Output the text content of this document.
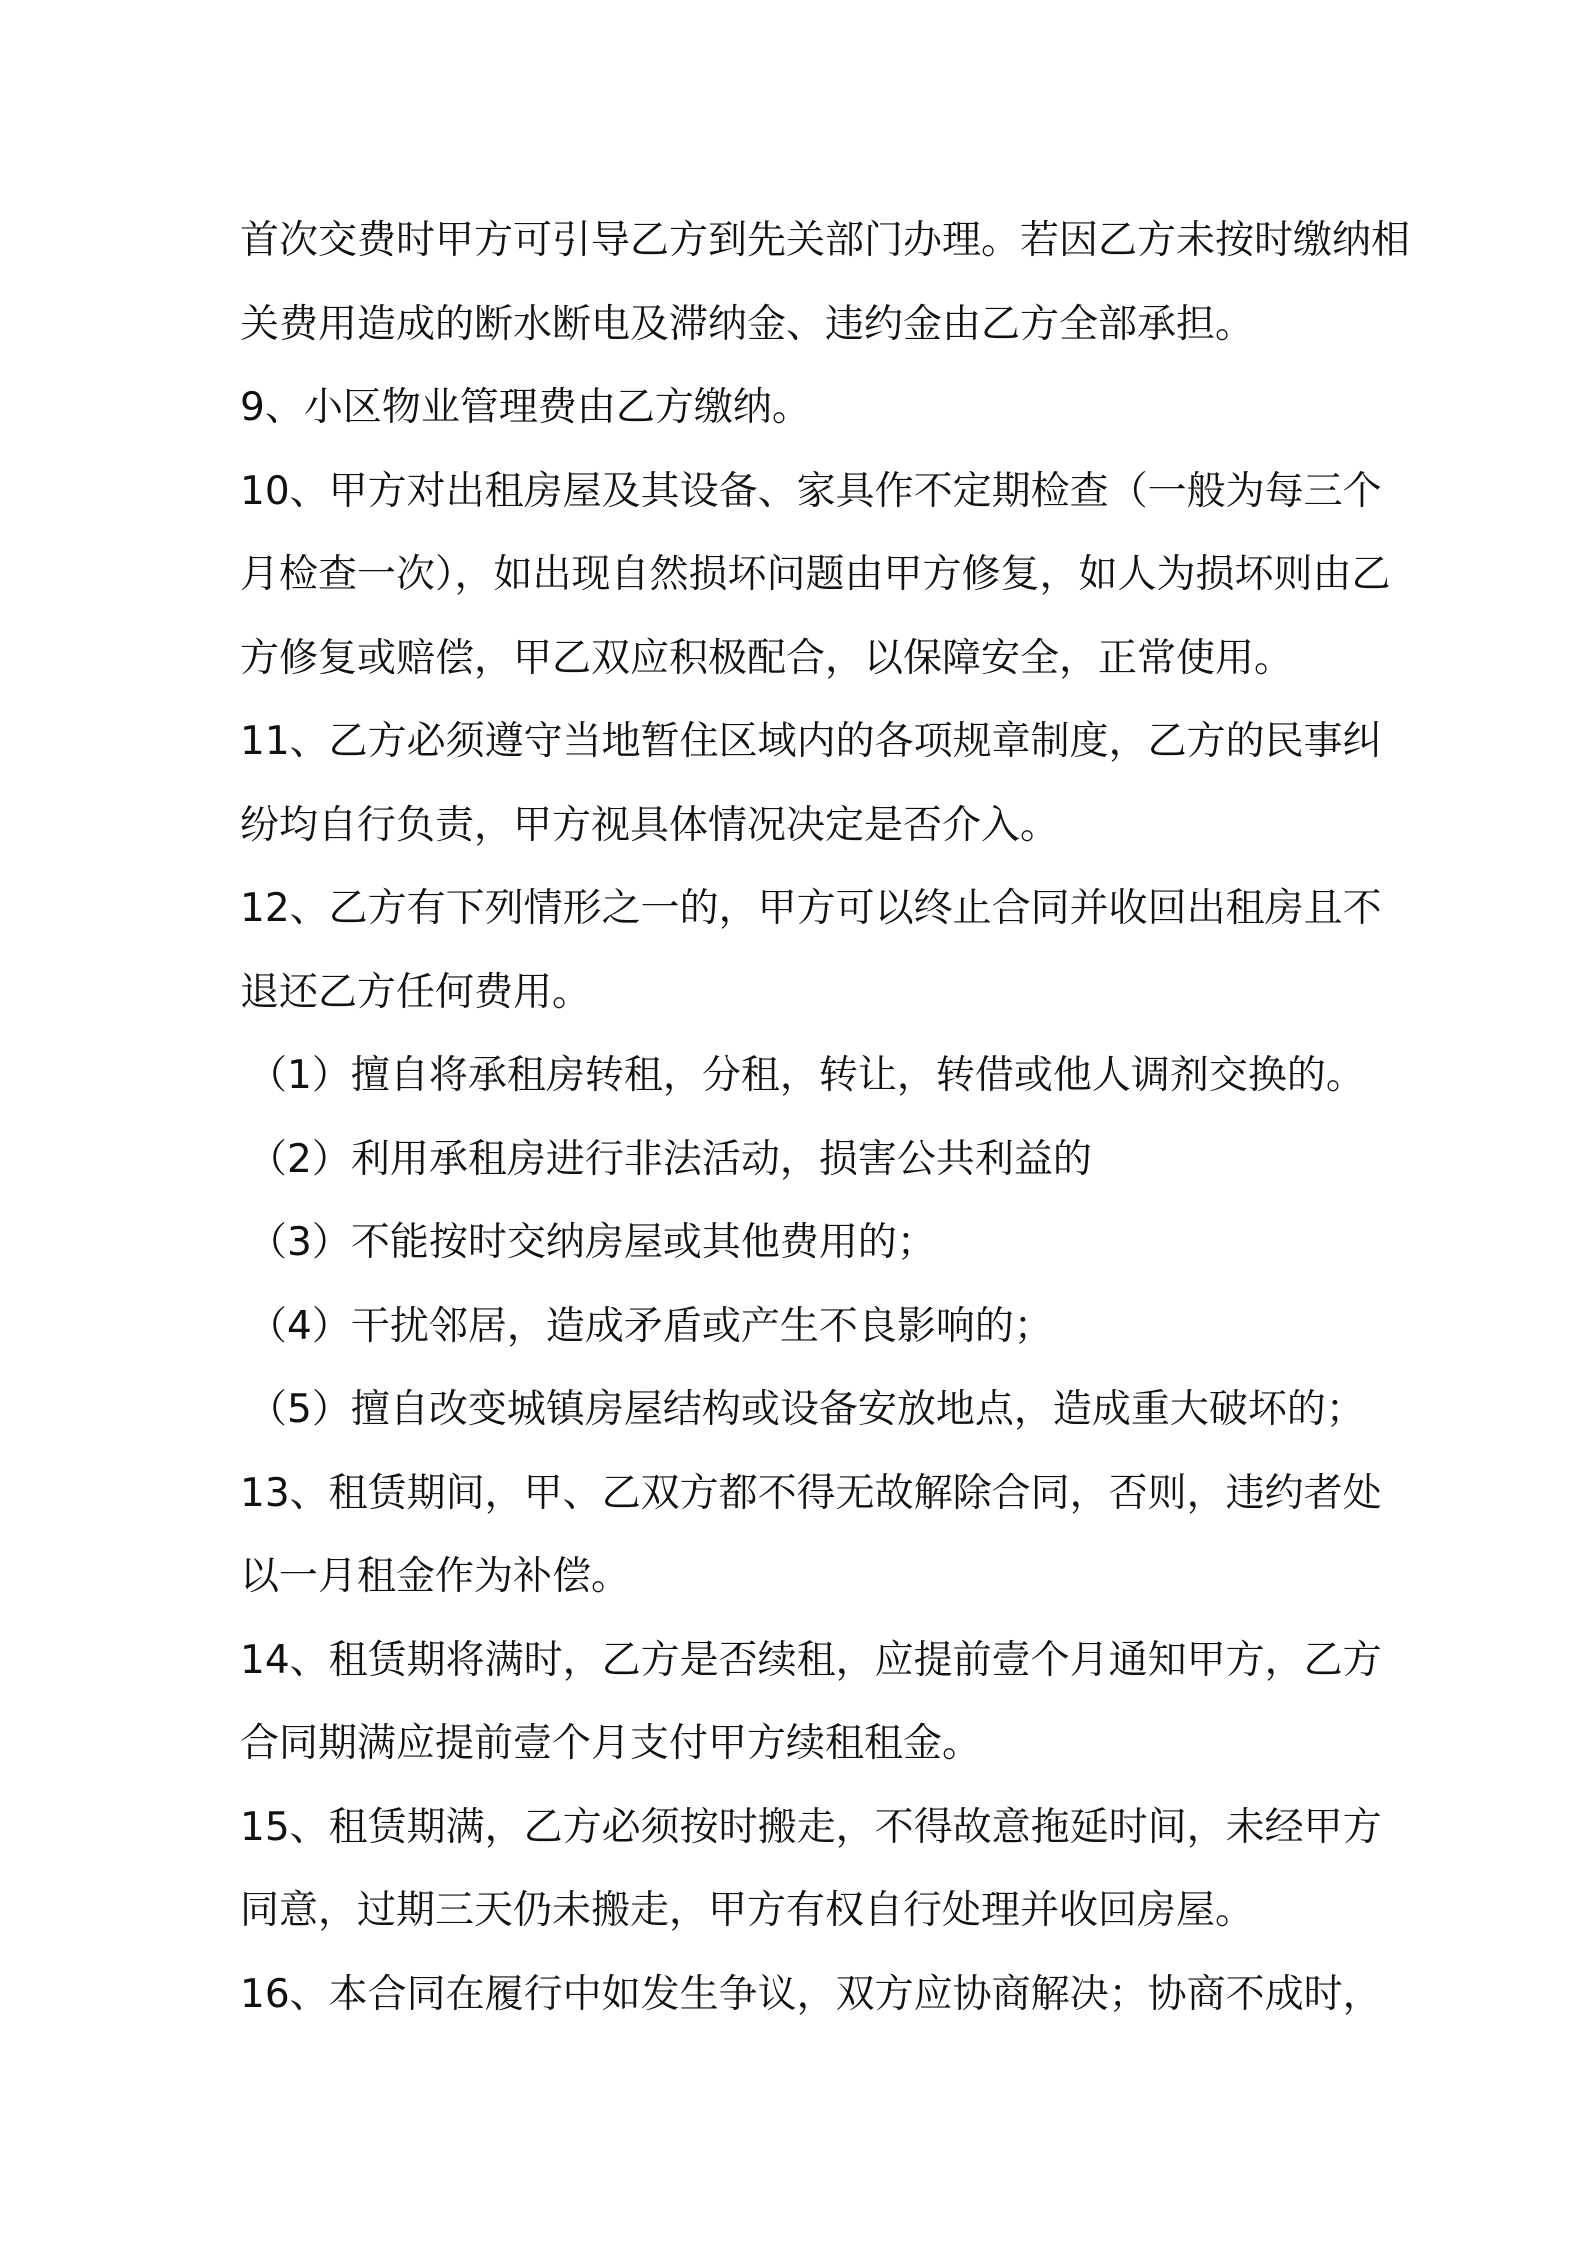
首次交费时甲方可引导乙方到先关部门办理。若因乙方未按时缴纳相
关费用造成的断水断电及滞纳金、违约金由乙方全部承担。
9、小区物业管理费由乙方缴纳。
10、甲方对出租房屋及其设备、家具作不定期检查（一般为每三个
月检查一次），如出现自然损坏问题由甲方修复，如人为损坏则由乙
方修复或赔偿，甲乙双应积极配合，以保障安全，正常使用。
11、乙方必须遵守当地暂住区域内的各项规章制度，乙方的民事纠
纷均自行负责，甲方视具体情况决定是否介入。
12、乙方有下列情形之一的，甲方可以终止合同并收回出租房且不
退还乙方任何费用。
（1）擅自将承租房转租，分租，转让，转借或他人调剂交换的。
（2）利用承租房进行非法活动，损害公共利益的
（3）不能按时交纳房屋或其他费用的；
（4）干扰邻居，造成矛盾或产生不良影响的；
（5）擅自改变城镇房屋结构或设备安放地点，造成重大破坏的；
13、租赁期间，甲、乙双方都不得无故解除合同，否则，违约者处
以一月租金作为补偿。
14、租赁期将满时，乙方是否续租，应提前壹个月通知甲方，乙方
合同期满应提前壹个月支付甲方续租租金。
15、租赁期满，乙方必须按时搬走，不得故意拖延时间，未经甲方
同意，过期三天仍未搬走，甲方有权自行处理并收回房屋。
16、本合同在履行中如发生争议，双方应协商解决；协商不成时，
